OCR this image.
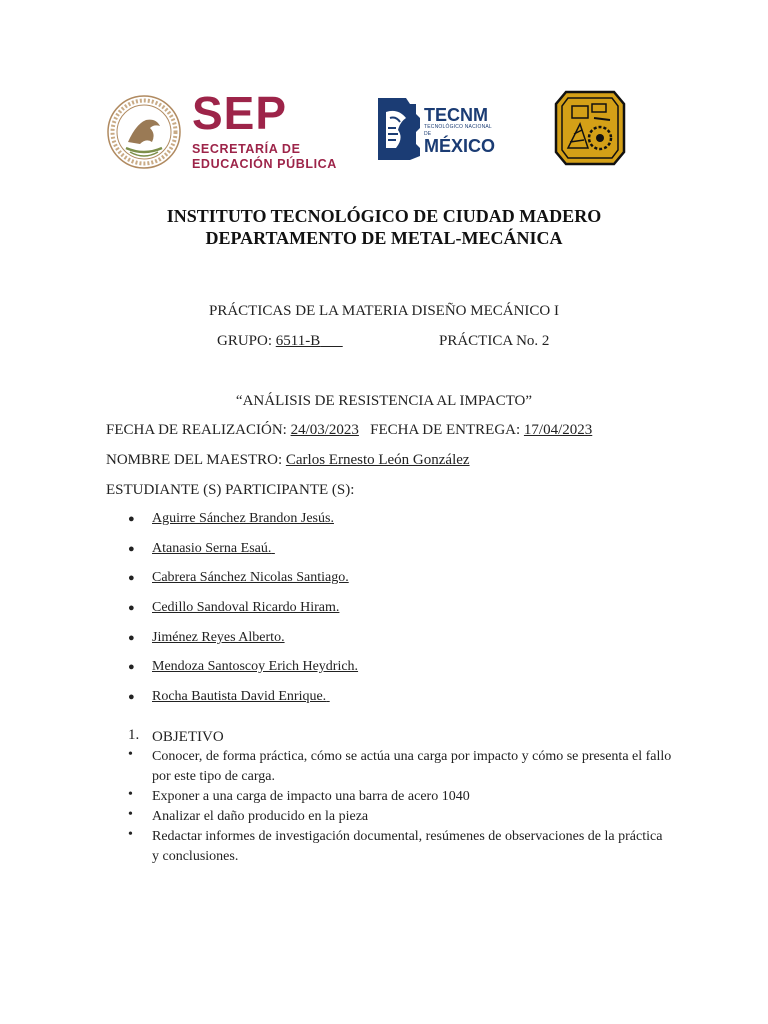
SEP
SECRETARÍA DE
EDUCACIÓN PÚBLICA
TECNM
TECNOLÓGICO NACIONAL DE
MÉXICO
INSTITUTO TECNOLÓGICO DE CIUDAD MADERO
DEPARTAMENTO DE METAL-MECÁNICA
PRÁCTICAS DE LA MATERIA DISEÑO MECÁNICO I
GRUPO: 6511-B	PRÁCTICA No. 2
“ANÁLISIS DE RESISTENCIA AL IMPACTO”
FECHA DE REALIZACIÓN: 24/03/2023 FECHA DE ENTREGA: 17/04/2023
NOMBRE DEL MAESTRO: Carlos Ernesto León González
ESTUDIANTE (S) PARTICIPANTE (S):
● Aguirre Sánchez Brandon Jesús.
● Atanasio Serna Esaú.
● Cabrera Sánchez Nicolas Santiago.
● Cedillo Sandoval Ricardo Hiram.
● Jiménez Reyes Alberto.
● Mendoza Santoscoy Erich Heydrich.
● Rocha Bautista David Enrique.
1. OBJETIVO
• Conocer, de forma práctica, cómo se actúa una carga por impacto y cómo se presenta el fallo por este tipo de carga.
• Exponer a una carga de impacto una barra de acero 1040
• Analizar el daño producido en la pieza
• Redactar informes de investigación documental, resúmenes de observaciones de la práctica y conclusiones.
